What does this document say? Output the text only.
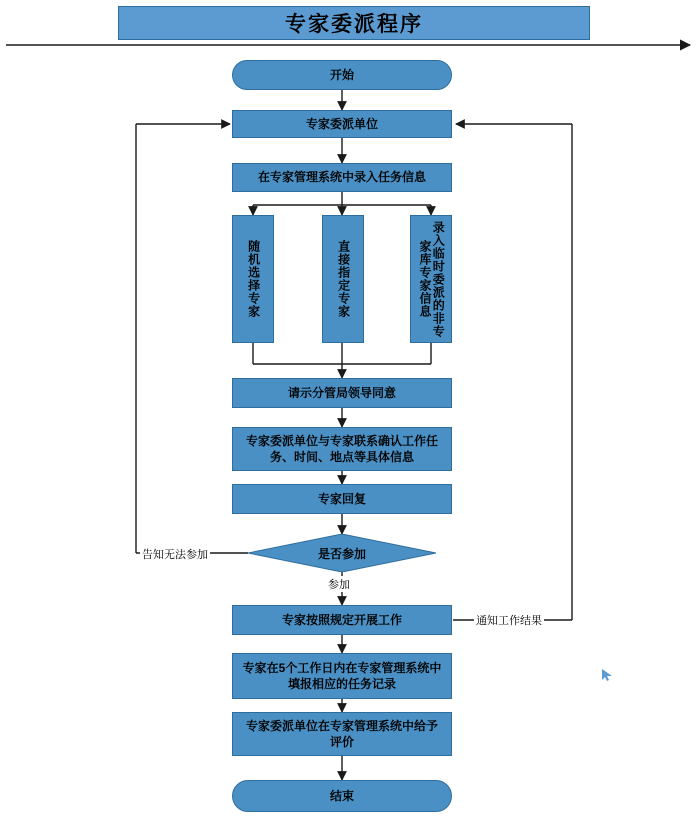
专家委派程序
开始
专家委派单位
在专家管理系统中录入任务信息
随机选择专家	直接指定专家	录入临时委派的非专家库专家信息
请示分管局领导同意
专家委派单位与专家联系确认工作任务、时间、地点等具体信息
专家回复
是否参加
告知无法参加
参加
通知工作结果
专家按照规定开展工作
专家在5个工作日内在专家管理系统中填报相应的任务记录
专家委派单位在专家管理系统中给予评价
结束
